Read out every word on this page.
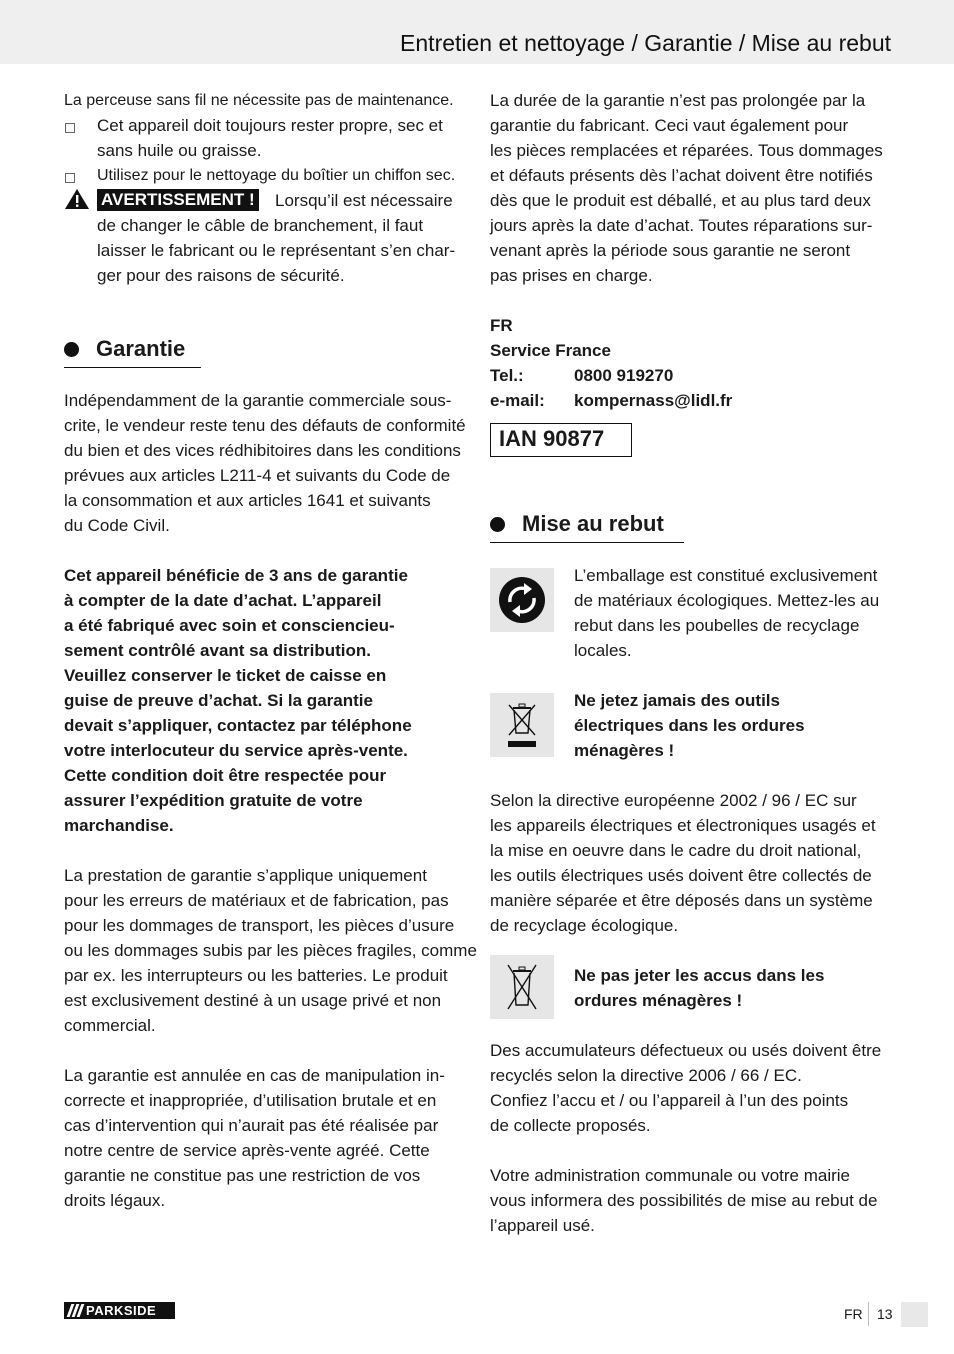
Entretien et nettoyage / Garantie / Mise au rebut
La perceuse sans fil ne nécessite pas de maintenance.
Cet appareil doit toujours rester propre, sec et
sans huile ou graisse.
Utilisez pour le nettoyage du boîtier un chiffon sec.
AVERTISSEMENT ! Lorsqu’il est nécessaire
de changer le câble de branchement, il faut
laisser le fabricant ou le représentant s’en char-
ger pour des raisons de sécurité.
Garantie
Indépendamment de la garantie commerciale sous-
crite, le vendeur reste tenu des défauts de conformité
du bien et des vices rédhibitoires dans les conditions
prévues aux articles L211-4 et suivants du Code de
la consommation et aux articles 1641 et suivants
du Code Civil.
Cet appareil bénéficie de 3 ans de garantie
à compter de la date d’achat. L’appareil
a été fabriqué avec soin et consciencieu-
sement contrôlé avant sa distribution.
Veuillez conserver le ticket de caisse en
guise de preuve d’achat. Si la garantie
devait s’appliquer, contactez par téléphone
votre interlocuteur du service après-vente.
Cette condition doit être respectée pour
assurer l’expédition gratuite de votre
marchandise.
La prestation de garantie s’applique uniquement
pour les erreurs de matériaux et de fabrication, pas
pour les dommages de transport, les pièces d’usure
ou les dommages subis par les pièces fragiles, comme
par ex. les interrupteurs ou les batteries. Le produit
est exclusivement destiné à un usage privé et non
commercial.
La garantie est annulée en cas de manipulation in-
correcte et inappropriée, d’utilisation brutale et en
cas d’intervention qui n’aurait pas été réalisée par
notre centre de service après-vente agréé. Cette
garantie ne constitue pas une restriction de vos
droits légaux.
La durée de la garantie n’est pas prolongée par la
garantie du fabricant. Ceci vaut également pour
les pièces remplacées et réparées. Tous dommages
et défauts présents dès l’achat doivent être notifiés
dès que le produit est déballé, et au plus tard deux
jours après la date d’achat. Toutes réparations sur-
venant après la période sous garantie ne seront
pas prises en charge.
FR
Service France
Tel.:	0800 919270
e-mail: kompernass@lidl.fr
IAN 90877
Mise au rebut
L’emballage est constitué exclusivement
de matériaux écologiques. Mettez-les au
rebut dans les poubelles de recyclage
locales.
Ne jetez jamais des outils
électriques dans les ordures
ménagères !
Selon la directive européenne 2002 / 96 / EC sur
les appareils électriques et électroniques usagés et
la mise en oeuvre dans le cadre du droit national,
les outils électriques usés doivent être collectés de
manière séparée et être déposés dans un système
de recyclage écologique.
Ne pas jeter les accus dans les
ordures ménagères !
Des accumulateurs défectueux ou usés doivent être
recyclés selon la directive 2006 / 66 / EC.
Confiez l’accu et / ou l’appareil à l’un des points
de collecte proposés.
Votre administration communale ou votre mairie
vous informera des possibilités de mise au rebut de
l’appareil usé.
PARKSIDE	FR 13
